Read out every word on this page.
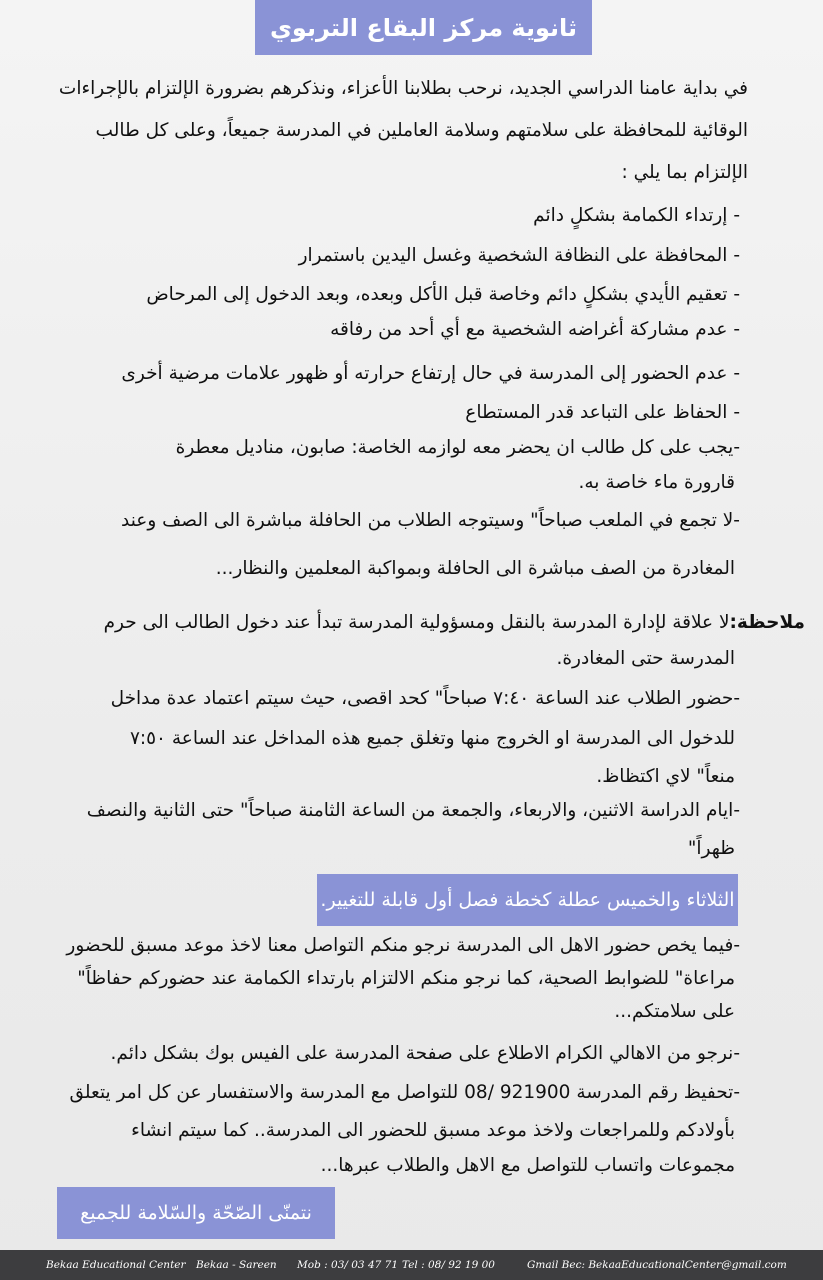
ثانوية مركز البقاع التربوي
في بداية عامنا الدراسي الجديد، نرحب بطلابنا الأعزاء، ونذكرهم بضرورة الإلتزام بالإجراءات
الوقائية للمحافظة على سلامتهم وسلامة العاملين في المدرسة جميعاً، وعلى كل طالب
الإلتزام بما يلي :
- إرتداء الكمامة بشكلٍ دائم
- المحافظة على النظافة الشخصية وغسل اليدين باستمرار
- تعقيم الأيدي بشكلٍ دائم وخاصة قبل الأكل وبعده، وبعد الدخول إلى المرحاض
- عدم مشاركة أغراضه الشخصية مع أي أحد من رفاقه
- عدم الحضور إلى المدرسة في حال إرتفاع حرارته أو ظهور علامات مرضية أخرى
- الحفاظ على التباعد قدر المستطاع
-يجب على كل طالب ان يحضر معه لوازمه الخاصة: صابون، مناديل معطرة
قارورة ماء خاصة به.
-لا تجمع في الملعب صباحاً" وسيتوجه الطلاب من الحافلة مباشرة الى الصف وعند
المغادرة من الصف مباشرة الى الحافلة وبمواكبة المعلمين والنظار...
ملاحظة:لا علاقة لإدارة المدرسة بالنقل ومسؤولية المدرسة تبدأ عند دخول الطالب الى حرم
المدرسة حتى المغادرة.
-حضور الطلاب عند الساعة ٧:٤٠ صباحاً" كحد اقصى، حيث سيتم اعتماد عدة مداخل
للدخول الى المدرسة او الخروج منها وتغلق جميع هذه المداخل عند الساعة ٧:٥٠
منعاً" لاي اكتظاظ.
-ايام الدراسة الاثنين، والاربعاء، والجمعة من الساعة الثامنة صباحاً" حتى الثانية والنصف
ظهراً"
-فيما يخص حضور الاهل الى المدرسة نرجو منكم التواصل معنا لاخذ موعد مسبق للحضور
مراعاة" للضوابط الصحية، كما نرجو منكم الالتزام بارتداء الكمامة عند حضوركم حفاظاً"
على سلامتكم...
-نرجو من الاهالي الكرام الاطلاع على صفحة المدرسة على الفيس بوك بشكل دائم.
-تحفيظ رقم المدرسة 921900 /08 للتواصل مع المدرسة والاستفسار عن كل امر يتعلق
بأولادكم وللمراجعات ولاخذ موعد مسبق للحضور الى المدرسة.. كما سيتم انشاء
مجموعات واتساب للتواصل مع الاهل والطلاب عبرها...
الثلاثاء والخميس عطلة كخطة فصل أول قابلة للتغيير.
نتمنّى الصّحّة والسّلامة للجميع
Bekaa Educational Center Bekaa - Sareen Mob : 03/ 03 47 71 Tel : 08/ 92 19 00	Gmail Bec: BekaaEducationalCenter@gmail.com
